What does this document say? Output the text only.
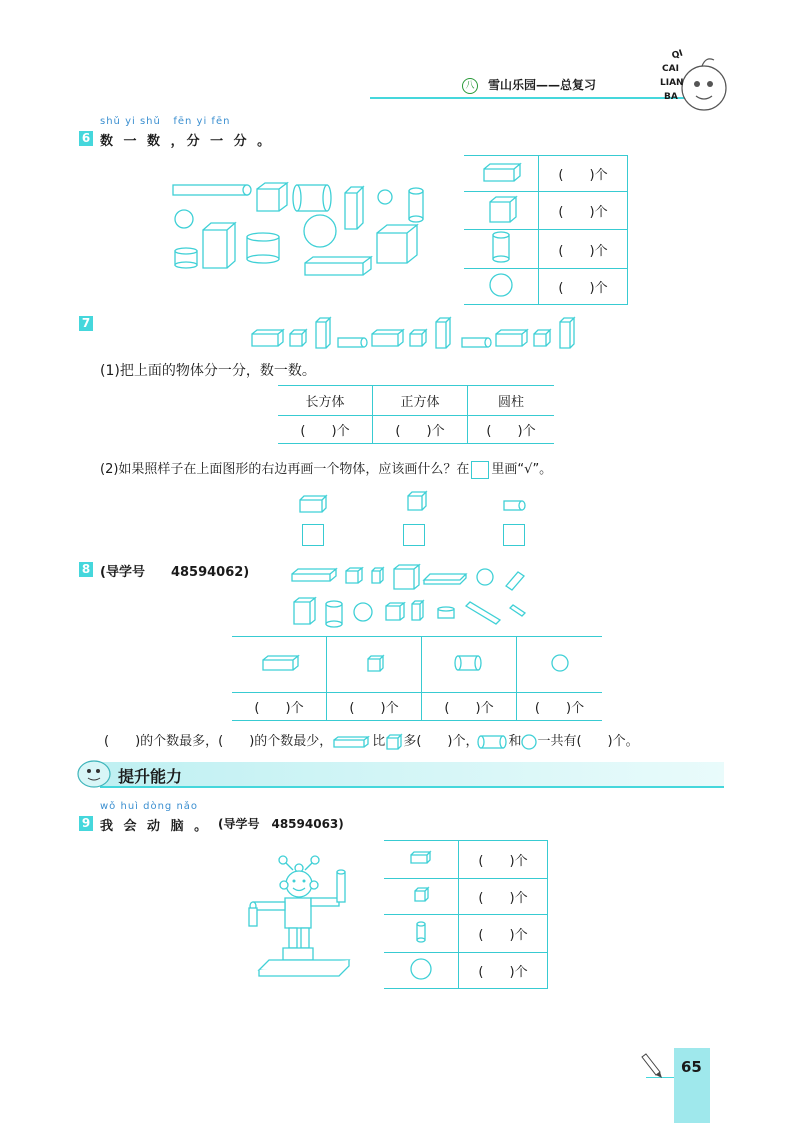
八 雪山乐园——总复习
QI
CAI
LIAN
BA
shǔ yi shǔ   fēn yi fēn
6 数 一 数 ，分 一 分 。
	(　　)个
	(　　)个
	(　　)个
	(　　)个
7
(1)把上面的物体分一分，数一数。
长方体	正方体	圆柱
(　　)个	(　　)个	(　　)个
(2)如果照样子在上面图形的右边再画一个物体，应该画什么？在 里画“√”。
8 (导学号　　48594062)

(　　)个	(　　)个	(　　)个	(　　)个
(　　)的个数最多，(　　)的个数最少，	比 多(　　)个， 和 一共有(　　)个。
提升能力
wǒ huì dòng nǎo
9 我 会 动 脑 。 (导学号　48594063)
	(　　)个
	(　　)个
	(　　)个
	(　　)个
65
